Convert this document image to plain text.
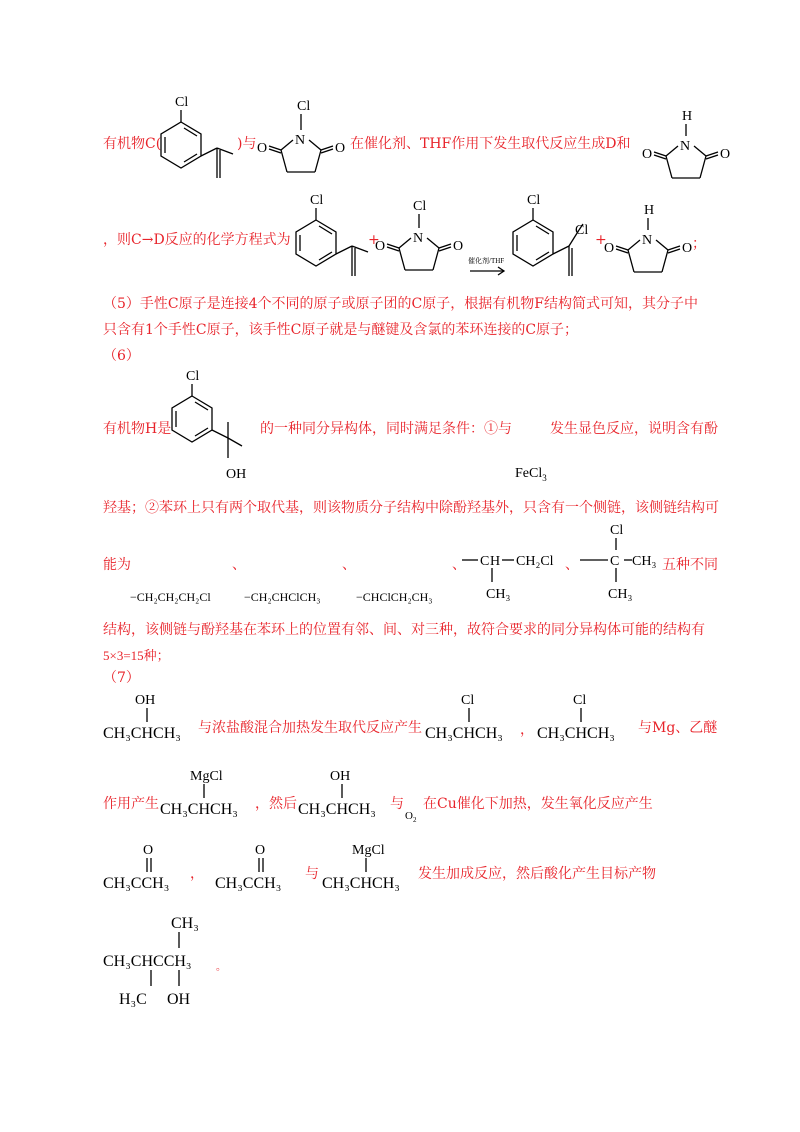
有机物C(
Cl
)与
Cl
N
O	O 在催化剂、THF作用下发生取代反应生成D和
H
N
O	O
，则C→D反应的化学方程式为
Cl
+
Cl
N
O	O
催化剂/THF
Cl
Cl
+
H
N
O	O ；
（5）手性C原子是连接4个不同的原子或原子团的C原子，根据有机物F结构简式可知，其分子中
只含有1个手性C原子，该手性C原子就是与醚键及含氯的苯环连接的C原子；
（6）
Cl
OH
有机物H是	的一种同分异构体，同时满足条件：①与	发生显色反应，说明含有酚
FeCl$_3$
羟基；②苯环上只有两个取代基，则该物质分子结构中除酚羟基外，只含有一个侧链，该侧链结构可
能为	、	、	、
−CH₂CH₂CH₂Cl	−CH₂CHClCH₃	−CHClCH₂CH₃
C H CH₂Cl
CH₃
、
Cl
C CH₃
CH₃
五种不同
结构，该侧链与酚羟基在苯环上的位置有邻、间、对三种，故符合要求的同分异构体可能的结构有
5×3=15种；
（7）
OH
CH₃CHCH₃ 与浓盐酸混合加热发生取代反应产生
Cl
CH₃CHCH₃ ，
Cl
CH₃CHCH₃ 与Mg、乙醚
作用产生
MgCl
CH₃CHCH₃ ，然后
OH
CH₃CHCH₃ 与
$O_2$
在Cu催化下加热，发生氧化反应产生
O
CH₃CCH₃
，
O
CH₃CCH₃
与
MgCl
CH₃CHCH₃
发生加成反应，然后酸化产生目标产物
CH₃
CH₃CHCCH₃
H₃C OH
。
